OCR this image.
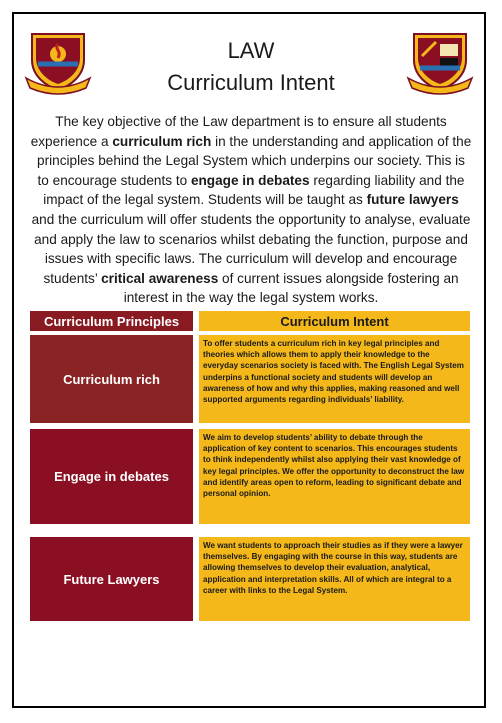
LAW
Curriculum Intent
The key objective of the Law department is to ensure all students experience a curriculum rich in the understanding and application of the principles behind the Legal System which underpins our society. This is to encourage students to engage in debates regarding liability and the impact of the legal system. Students will be taught as future lawyers and the curriculum will offer students the opportunity to analyse, evaluate and apply the law to scenarios whilst debating the function, purpose and issues with specific laws. The curriculum will develop and encourage students’ critical awareness of current issues alongside fostering an interest in the way the legal system works.
Curriculum Principles	Curriculum Intent
Curriculum rich
To offer students a curriculum rich in key legal principles and theories which allows them to apply their knowledge to the everyday scenarios society is faced with. The English Legal System underpins a functional society and students will develop an awareness of how and why this applies, making reasoned and well supported arguments regarding individuals’ liability.
Engage in debates
We aim to develop students’ ability to debate through the application of key content to scenarios. This encourages students to think independently whilst also applying their vast knowledge of key legal principles. We offer the opportunity to deconstruct the law and identify areas open to reform, leading to significant debate and personal opinion.
Future Lawyers
We want students to approach their studies as if they were a lawyer themselves. By engaging with the course in this way, students are allowing themselves to develop their evaluation, analytical, application and interpretation skills. All of which are integral to a career with links to the Legal System.
